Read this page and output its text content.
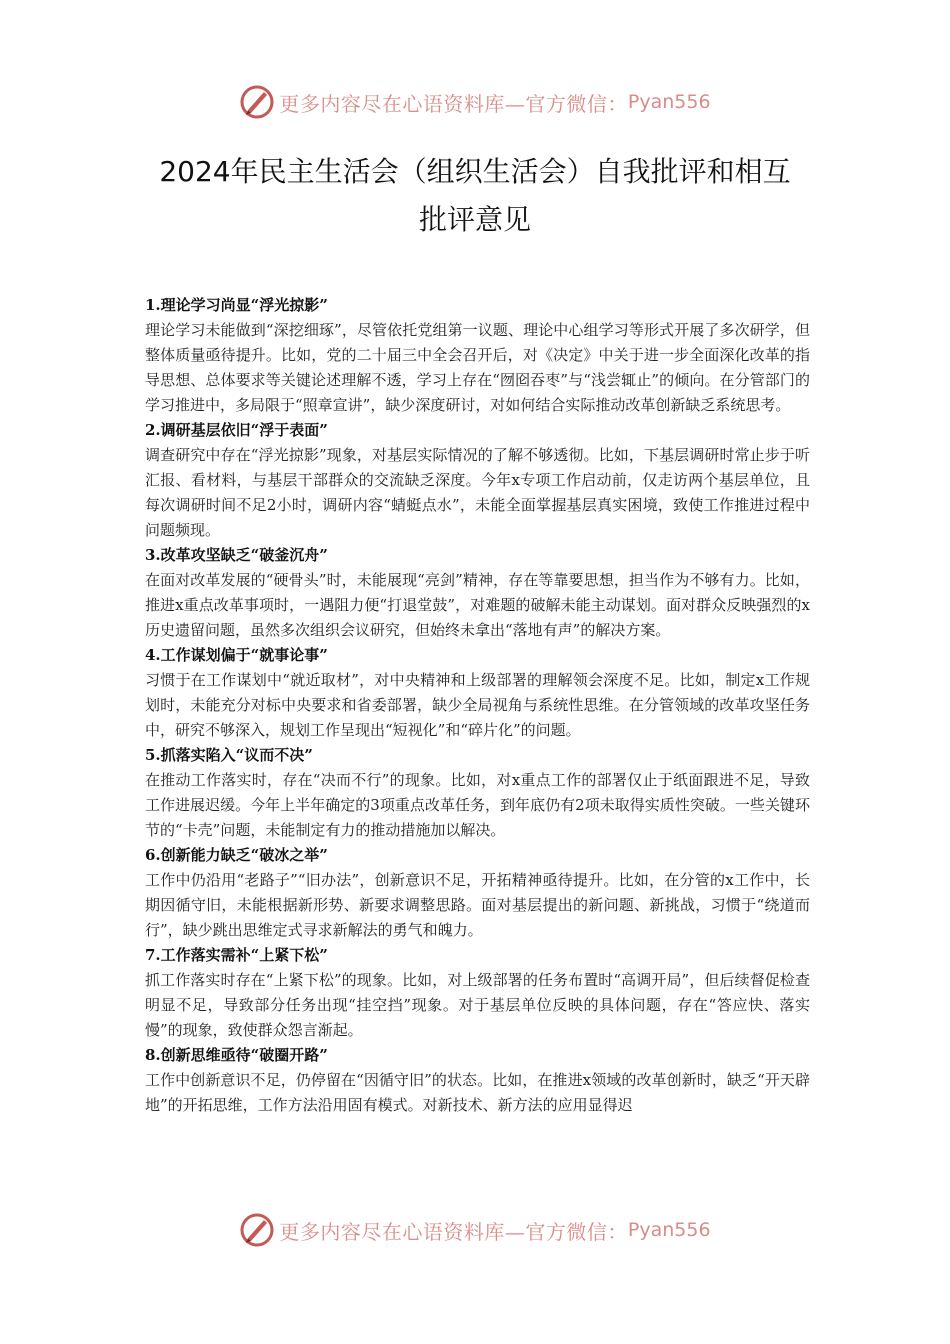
更多内容尽在心语资料库—官方微信： Pyan556
2024年民主生活会（组织生活会）自我批评和相互
批评意见

1.理论学习尚显“浮光掠影”

理论学习未能做到“深挖细琢”，尽管依托党组第一议题、理论中心组学习等形式开展了多次研学，但整体质量亟待提升。比如，党的二十届三中全会召开后，对《决定》中关于进一步全面深化改革的指导思想、总体要求等关键论述理解不透，学习上存在“囫囵吞枣”与“浅尝辄止”的倾向。在分管部门的学习推进中，多局限于“照章宣讲”，缺少深度研讨，对如何结合实际推动改革创新缺乏系统思考。

2.调研基层依旧“浮于表面”

调查研究中存在“浮光掠影”现象，对基层实际情况的了解不够透彻。比如，下基层调研时常止步于听汇报、看材料，与基层干部群众的交流缺乏深度。今年x专项工作启动前，仅走访两个基层单位，且每次调研时间不足2小时，调研内容“蜻蜓点水”，未能全面掌握基层真实困境，致使工作推进过程中问题频现。

3.改革攻坚缺乏“破釜沉舟”

在面对改革发展的“硬骨头”时，未能展现“亮剑”精神，存在等靠要思想，担当作为不够有力。比如，推进x重点改革事项时，一遇阻力便“打退堂鼓”，对难题的破解未能主动谋划。面对群众反映强烈的x历史遗留问题，虽然多次组织会议研究，但始终未拿出“落地有声”的解决方案。

4.工作谋划偏于“就事论事”

习惯于在工作谋划中“就近取材”，对中央精神和上级部署的理解领会深度不足。比如，制定x工作规划时，未能充分对标中央要求和省委部署，缺少全局视角与系统性思维。在分管领域的改革攻坚任务中，研究不够深入，规划工作呈现出“短视化”和“碎片化”的问题。

5.抓落实陷入“议而不决”

在推动工作落实时，存在“决而不行”的现象。比如，对x重点工作的部署仅止于纸面跟进不足，导致工作进展迟缓。今年上半年确定的3项重点改革任务，到年底仍有2项未取得实质性突破。一些关键环节的“卡壳”问题，未能制定有力的推动措施加以解决。

6.创新能力缺乏“破冰之举”

工作中仍沿用“老路子”“旧办法”，创新意识不足，开拓精神亟待提升。比如，在分管的x工作中，长期因循守旧，未能根据新形势、新要求调整思路。面对基层提出的新问题、新挑战，习惯于“绕道而行”，缺少跳出思维定式寻求新解法的勇气和魄力。

7.工作落实需补“上紧下松”

抓工作落实时存在“上紧下松”的现象。比如，对上级部署的任务布置时“高调开局”，但后续督促检查明显不足，导致部分任务出现“挂空挡”现象。对于基层单位反映的具体问题，存在“答应快、落实慢”的现象，致使群众怨言渐起。

8.创新思维亟待“破圈开路”

工作中创新意识不足，仍停留在“因循守旧”的状态。比如，在推进x领域的改革创新时，缺乏“开天辟地”的开拓思维，工作方法沿用固有模式。对新技术、新方法的应用显得迟

更多内容尽在心语资料库—官方微信： Pyan556
